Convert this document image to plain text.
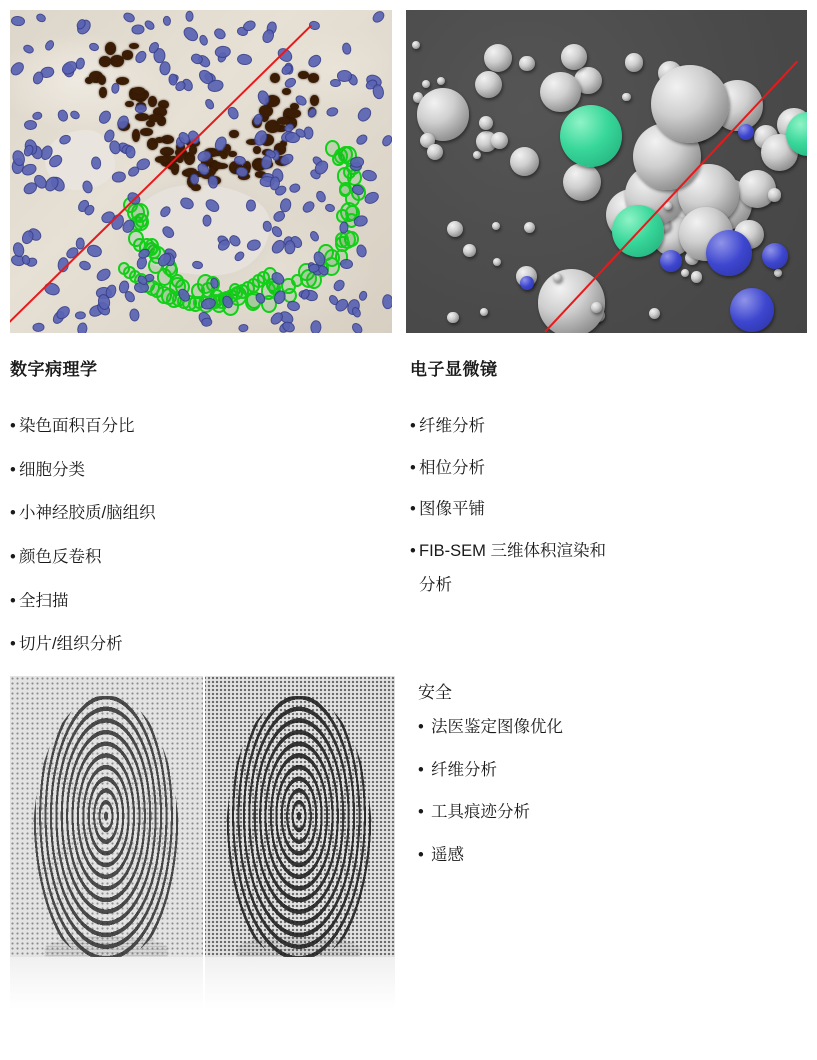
数字病理学
• 染色面积百分比
• 细胞分类
• 小神经胶质/脑组织
• 颜色反卷积
• 全扫描
• 切片/组织分析
电子显微镜
• 纤维分析
• 相位分析
• 图像平铺
• FIB-SEM 三维体积渲染和
分析
安全
• 法医鉴定图像优化
• 纤维分析
• 工具痕迹分析
• 遥感
